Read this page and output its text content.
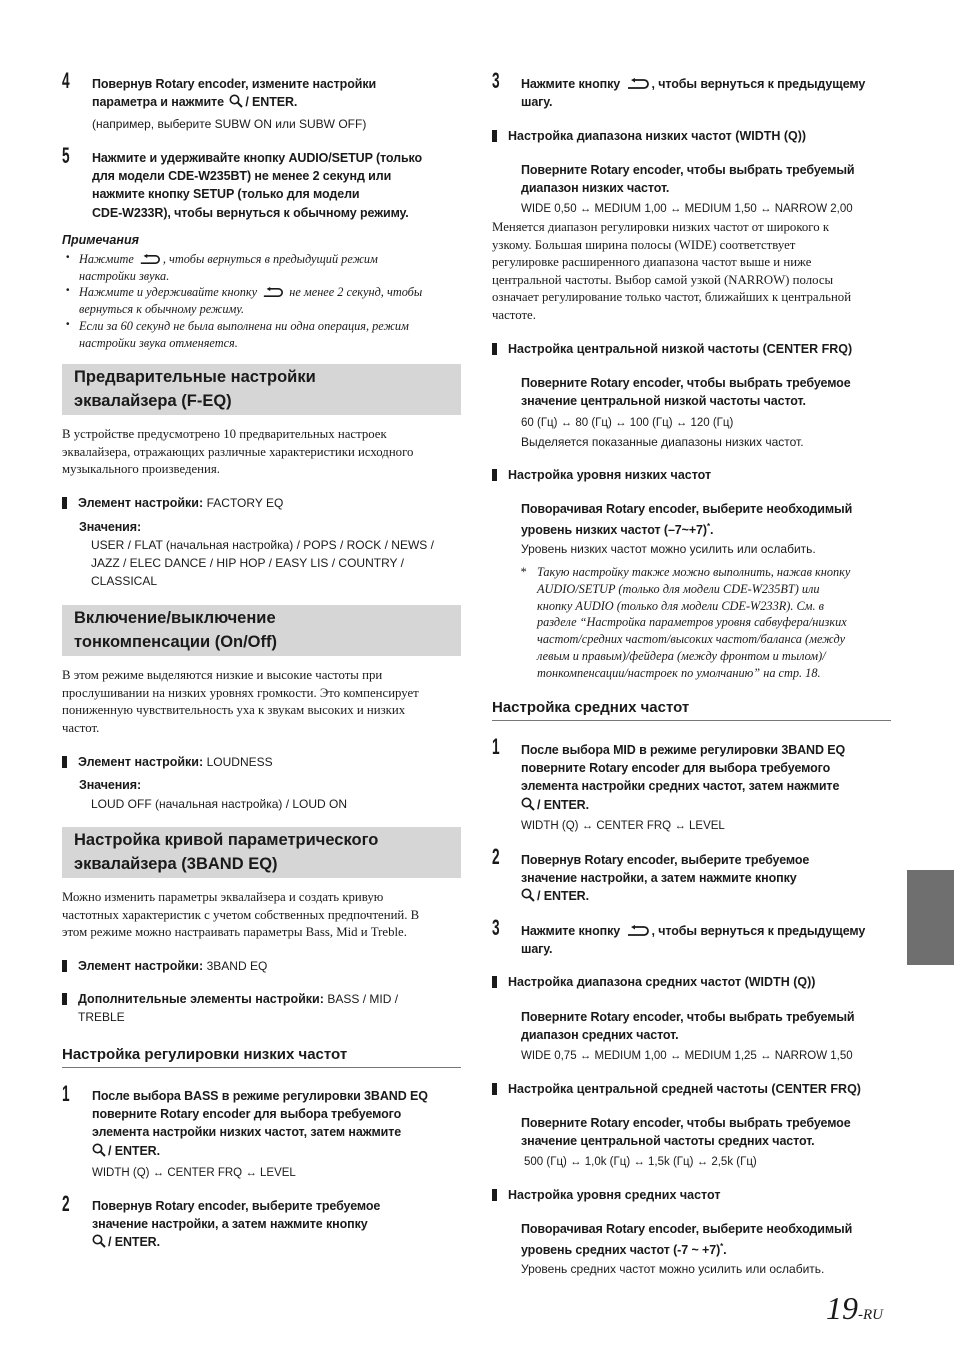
4 Повернув Rotary encoder, измените настройки
параметра и нажмите / ENTER.
(например, выберите SUBW ON или SUBW OFF)
5 Нажмите и удерживайте кнопку AUDIO/SETUP (только
для модели CDE-W235BT) не менее 2 секунд или
нажмите кнопку SETUP (только для модели
CDE-W233R), чтобы вернуться к обычному режиму.
Примечания
• Нажмите , чтобы вернуться в предыдущий режим
настройки звука.
• Нажмите и удерживайте кнопку	не менее 2 секунд, чтобы
вернуться к обычному режиму.
• Если за 60 секунд не была выполнена ни одна операция, режим
настройки звука отменяется.
Предварительные настройки
эквалайзера (F-EQ)
В устройстве предусмотрено 10 предварительных настроек
эквалайзера, отражающих различные характеристики исходного
музыкального произведения.
Элемент настройки: FACTORY EQ
Значения:
USER / FLAT (начальная настройка) / POPS / ROCK / NEWS /
JAZZ / ELEC DANCE / HIP HOP / EASY LIS / COUNTRY /
CLASSICAL
Включение/выключение
тонкомпенсации (On/Off)
В этом режиме выделяются низкие и высокие частоты при
прослушивании на низких уровнях громкости. Это компенсирует
пониженную чувствительность уха к звукам высоких и низких
частот.
Элемент настройки: LOUDNESS
Значения:
LOUD OFF (начальная настройка) / LOUD ON
Настройка кривой параметрического
эквалайзера (3BAND EQ)
Можно изменить параметры эквалайзера и создать кривую
частотных характеристик с учетом собственных предпочтений. В
этом режиме можно настраивать параметры Bass, Mid и Treble.
Элемент настройки: 3BAND EQ
Дополнительные элементы настройки: BASS / MID /
TREBLE
Настройка регулировки низких частот
1 После выбора BASS в режиме регулировки 3BAND EQ
поверните Rotary encoder для выбора требуемого
элемента настройки низких частот, затем нажмите
/ ENTER.
WIDTH (Q) ↔ CENTER FRQ ↔ LEVEL
2 Повернув Rotary encoder, выберите требуемое
значение настройки, а затем нажмите кнопку
/ ENTER.
3 Нажмите кнопку	, чтобы вернуться к предыдущему
шагу.
Настройка диапазона низких частот (WIDTH (Q))
Поверните Rotary encoder, чтобы выбрать требуемый
диапазон низких частот.
WIDE 0,50 ↔ MEDIUM 1,00 ↔ MEDIUM 1,50 ↔ NARROW 2,00
Меняется диапазон регулировки низких частот от широкого к
узкому. Большая ширина полосы (WIDE) соответствует
регулировке расширенного диапазона частот выше и ниже
центральной частоты. Выбор самой узкой (NARROW) полосы
означает регулирование только частот, ближайших к центральной
частоте.
Настройка центральной низкой частоты (CENTER FRQ)
Поверните Rotary encoder, чтобы выбрать требуемое
значение центральной низкой частоты частот.
60 (Гц) ↔ 80 (Гц) ↔ 100 (Гц) ↔ 120 (Гц)
Выделяется показанные диапазоны низких частот.
Настройка уровня низких частот
Поворачивая Rotary encoder, выберите необходимый
уровень низких частот (–7~+7)*.
Уровень низких частот можно усилить или ослабить.
* Такую настройку также можно выполнить, нажав кнопку
AUDIO/SETUP (только для модели CDE-W235BT) или
кнопку AUDIO (только для модели CDE-W233R). См. в
разделе “Настройка параметров уровня сабвуфера/низких
частот/средних частот/высоких частот/баланса (между
левым и правым)/фейдера (между фронтом и тылом)/
тонкомпенсации/настроек по умолчанию” на стр. 18.
Настройка средних частот
1 После выбора MID в режиме регулировки 3BAND EQ
поверните Rotary encoder для выбора требуемого
элемента настройки средних частот, затем нажмите
/ ENTER.
WIDTH (Q) ↔ CENTER FRQ ↔ LEVEL
2 Повернув Rotary encoder, выберите требуемое
значение настройки, а затем нажмите кнопку
/ ENTER.
3 Нажмите кнопку	, чтобы вернуться к предыдущему
шагу.
Настройка диапазона средних частот (WIDTH (Q))
Поверните Rotary encoder, чтобы выбрать требуемый
диапазон средних частот.
WIDE 0,75 ↔ MEDIUM 1,00 ↔ MEDIUM 1,25 ↔ NARROW 1,50
Настройка центральной средней частоты (CENTER FRQ)
Поверните Rotary encoder, чтобы выбрать требуемое
значение центральной частоты средних частот.
500 (Гц) ↔ 1,0k (Гц) ↔ 1,5k (Гц) ↔ 2,5k (Гц)
Настройка уровня средних частот
Поворачивая Rotary encoder, выберите необходимый
уровень средних частот (-7 ~ +7)*.
Уровень средних частот можно усилить или ослабить.
19-RU
